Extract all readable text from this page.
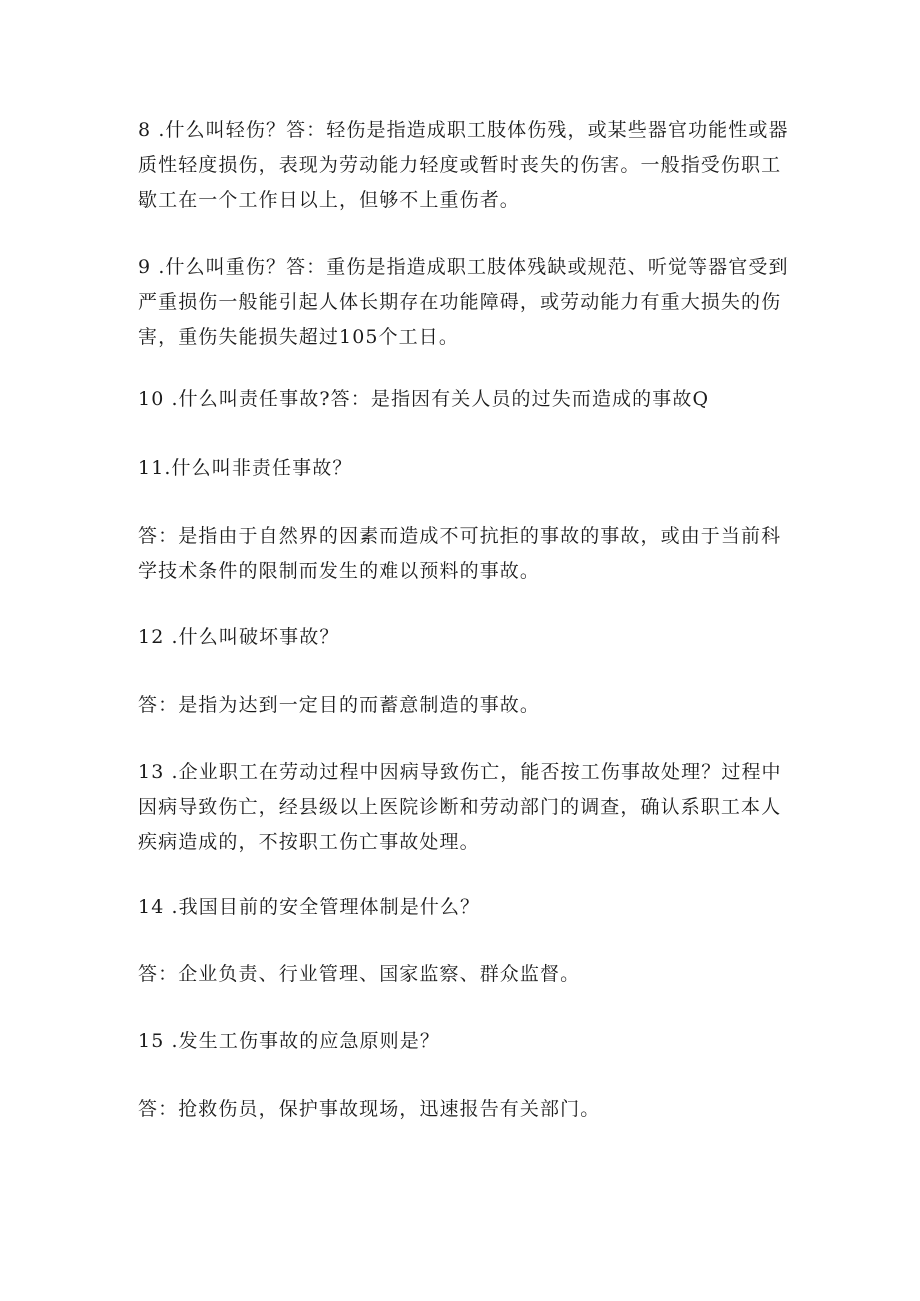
8 .什么叫轻伤？答：轻伤是指造成职工肢体伤残，或某些器官功能性或器质性轻度损伤，表现为劳动能力轻度或暂时丧失的伤害。一般指受伤职工歇工在一个工作日以上，但够不上重伤者。

9 .什么叫重伤？答：重伤是指造成职工肢体残缺或规范、听觉等器官受到严重损伤一般能引起人体长期存在功能障碍，或劳动能力有重大损失的伤害，重伤失能损失超过105个工日。

10 .什么叫责任事故?答：是指因有关人员的过失而造成的事故Q

11.什么叫非责任事故？

答：是指由于自然界的因素而造成不可抗拒的事故的事故，或由于当前科学技术条件的限制而发生的难以预料的事故。

12 .什么叫破坏事故？

答：是指为达到一定目的而蓄意制造的事故。

13 .企业职工在劳动过程中因病导致伤亡，能否按工伤事故处理？过程中因病导致伤亡，经县级以上医院诊断和劳动部门的调查，确认系职工本人疾病造成的，不按职工伤亡事故处理。

14 .我国目前的安全管理体制是什么？

答：企业负责、行业管理、国家监察、群众监督。

15 .发生工伤事故的应急原则是？

答：抢救伤员，保护事故现场，迅速报告有关部门。
